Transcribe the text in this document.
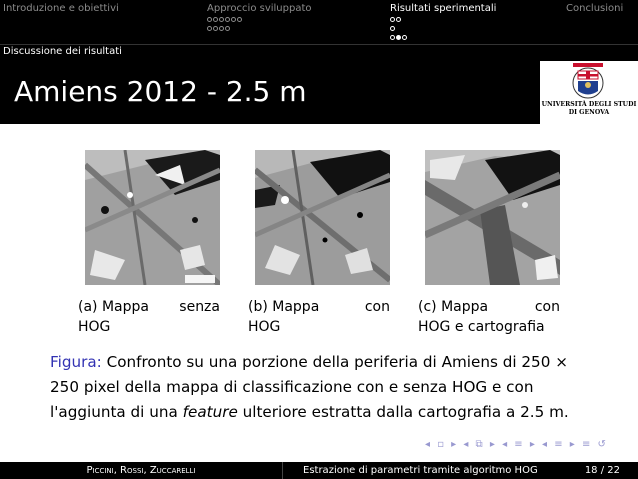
Introduzione e obiettivi	Approccio sviluppato	Risultati sperimentali	Conclusioni
Discussione dei risultati
Amiens 2012 - 2.5 m	UNIVERSITÀ DEGLI STUDI
DI GENOVA
(a) Mappa senza
HOG
(b) Mappa	con
HOG
(c) Mappa	con
HOG e cartografia
Figura: Confronto su una porzione della periferia di Amiens di 250 × 250 pixel della mappa di classificazione con e senza HOG e con l'aggiunta di una feature ulteriore estratta dalla cartografia a 2.5 m.
◂ ▫ ▸ ◂ ⧉ ▸ ◂ ≡ ▸ ◂ ≡ ▸ ≡ ↺
Piccini, Rossi, Zuccarelli	Estrazione di parametri tramite algoritmo HOG	18 / 22
